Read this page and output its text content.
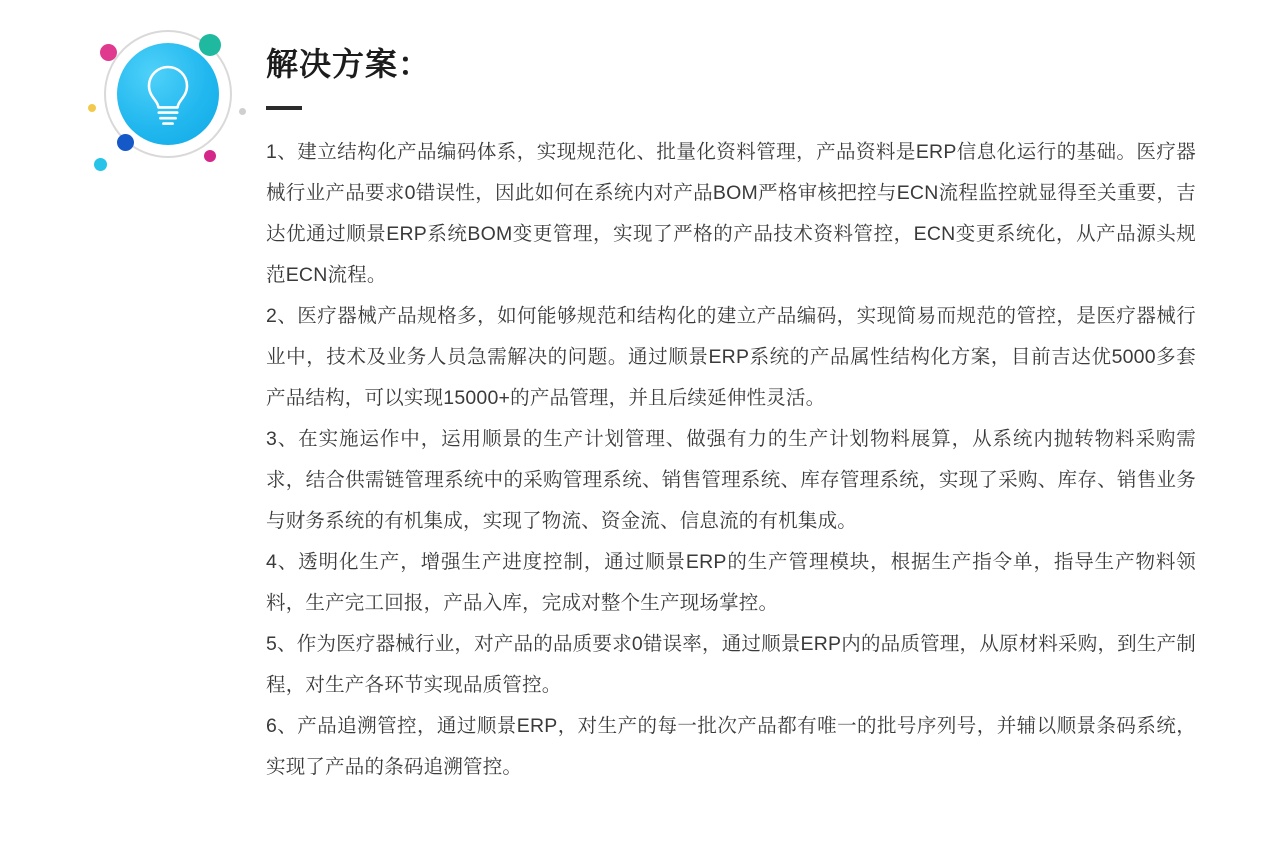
解决方案：
1、建立结构化产品编码体系，实现规范化、批量化资料管理，产品资料是ERP信息化运行的基础。医疗器械行业产品要求0错误性，因此如何在系统内对产品BOM严格审核把控与ECN流程监控就显得至关重要，吉达优通过顺景ERP系统BOM变更管理，实现了严格的产品技术资料管控，ECN变更系统化，从产品源头规范ECN流程。
2、医疗器械产品规格多，如何能够规范和结构化的建立产品编码，实现简易而规范的管控，是医疗器械行业中，技术及业务人员急需解决的问题。通过顺景ERP系统的产品属性结构化方案，目前吉达优5000多套产品结构，可以实现15000+的产品管理，并且后续延伸性灵活。
3、在实施运作中，运用顺景的生产计划管理、做强有力的生产计划物料展算，从系统内抛转物料采购需求，结合供需链管理系统中的采购管理系统、销售管理系统、库存管理系统，实现了采购、库存、销售业务与财务系统的有机集成，实现了物流、资金流、信息流的有机集成。
4、透明化生产，增强生产进度控制，通过顺景ERP的生产管理模块，根据生产指令单，指导生产物料领料，生产完工回报，产品入库，完成对整个生产现场掌控。
5、作为医疗器械行业，对产品的品质要求0错误率，通过顺景ERP内的品质管理，从原材料采购，到生产制程，对生产各环节实现品质管控。
6、产品追溯管控，通过顺景ERP，对生产的每一批次产品都有唯一的批号序列号，并辅以顺景条码系统，实现了产品的条码追溯管控。
